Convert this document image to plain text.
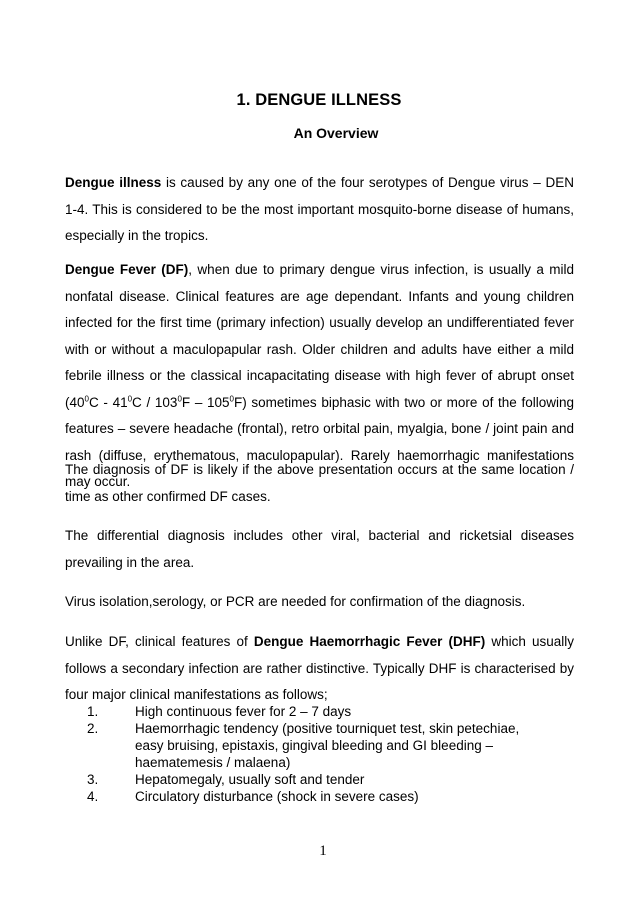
1. DENGUE ILLNESS
An Overview
Dengue illness is caused by any one of the four serotypes of Dengue virus – DEN 1-4. This is considered to be the most important mosquito-borne disease of humans, especially in the tropics.
Dengue Fever (DF), when due to primary dengue virus infection, is usually a mild nonfatal disease. Clinical features are age dependant. Infants and young children infected for the first time (primary infection) usually develop an undifferentiated fever with or without a maculopapular rash. Older children and adults have either a mild febrile illness or the classical incapacitating disease with high fever of abrupt onset $(40^0C - 41^0C / 103^0F - 105^0F)$ sometimes biphasic with two or more of the following features – severe headache (frontal), retro orbital pain, myalgia, bone / joint pain and rash (diffuse, erythematous, maculopapular). Rarely haemorrhagic manifestations may occur.
The diagnosis of DF is likely if the above presentation occurs at the same location / time as other confirmed DF cases.
The differential diagnosis includes other viral, bacterial and ricketsial diseases prevailing in the area.
Virus isolation,serology, or PCR are needed for confirmation of the diagnosis.
Unlike DF, clinical features of Dengue Haemorrhagic Fever (DHF) which usually follows a secondary infection are rather distinctive. Typically DHF is characterised by four major clinical manifestations as follows;
1.	High continuous fever for 2 – 7 days
2.	Haemorrhagic tendency (positive tourniquet test, skin petechiae, easy bruising, epistaxis, gingival bleeding and GI bleeding – haematemesis / malaena)
3.	Hepatomegaly, usually soft and tender
4.	Circulatory disturbance (shock in severe cases)
1
